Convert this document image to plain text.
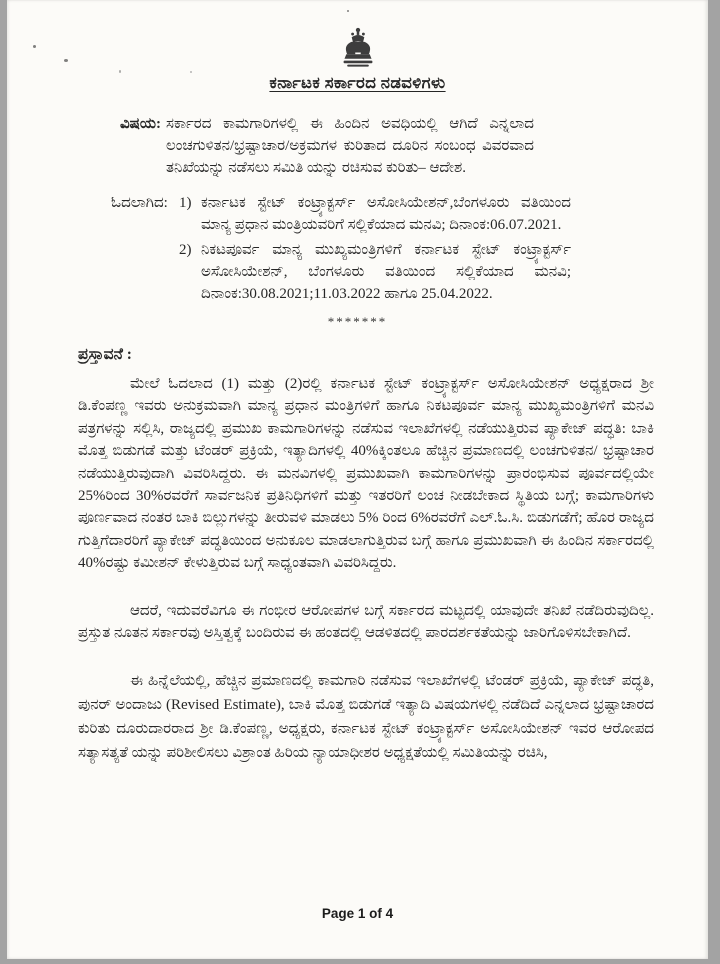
ಕರ್ನಾಟಕ ಸರ್ಕಾರದ ನಡವಳಿಗಳು
ವಿಷಯ: ಸರ್ಕಾರದ ಕಾಮಗಾರಿಗಳಲ್ಲಿ ಈ ಹಿಂದಿನ ಅವಧಿಯಲ್ಲಿ ಆಗಿದೆ ಎನ್ನಲಾದ ಲಂಚಗುಳಿತನ/ಭ್ರಷ್ಟಾಚಾರ/ಅಕ್ರಮಗಳ ಕುರಿತಾದ ದೂರಿನ ಸಂಬಂಧ ವಿವರವಾದ ತನಿಖೆಯನ್ನು ನಡೆಸಲು ಸಮಿತಿ ಯನ್ನು ರಚಿಸುವ ಕುರಿತು– ಆದೇಶ.
ಓದಲಾಗಿದ: 1) ಕರ್ನಾಟಕ ಸ್ಟೇಟ್ ಕಂಟ್ರ್ಯಾಕ್ಟರ್ಸ್ ಅಸೋಸಿಯೇಶನ್,ಬೆಂಗಳೂರು ವತಿಯಿಂದ ಮಾನ್ಯ ಪ್ರಧಾನ ಮಂತ್ರಿಯವರಿಗೆ ಸಲ್ಲಿಕೆಯಾದ ಮನವಿ; ದಿನಾಂಕ:06.07.2021.
2) ನಿಕಟಪೂರ್ವ ಮಾನ್ಯ ಮುಖ್ಯಮಂತ್ರಿಗಳಿಗೆ ಕರ್ನಾಟಕ ಸ್ಟೇಟ್ ಕಂಟ್ರ್ಯಾಕ್ಟರ್ಸ್ ಅಸೋಸಿಯೇಶನ್, ಬೆಂಗಳೂರು ವತಿಯಿಂದ ಸಲ್ಲಿಕೆಯಾದ ಮನವಿ; ದಿನಾಂಕ:30.08.2021;11.03.2022 ಹಾಗೂ 25.04.2022.
*******
ಪ್ರಸ್ತಾವನೆ :

ಮೇಲೆ ಓದಲಾದ (1) ಮತ್ತು (2)ರಲ್ಲಿ ಕರ್ನಾಟಕ ಸ್ಟೇಟ್ ಕಂಟ್ರ್ಯಾಕ್ಟರ್ಸ್ ಅಸೋಸಿಯೇಶನ್ ಅಧ್ಯಕ್ಷರಾದ ಶ್ರೀ ಡಿ.ಕೆಂಪಣ್ಣ ಇವರು ಅನುಕ್ರಮವಾಗಿ ಮಾನ್ಯ ಪ್ರಧಾನ ಮಂತ್ರಿಗಳಿಗೆ ಹಾಗೂ ನಿಕಟಪೂರ್ವ ಮಾನ್ಯ ಮುಖ್ಯಮಂತ್ರಿಗಳಿಗೆ ಮನವಿ ಪತ್ರಗಳನ್ನು ಸಲ್ಲಿಸಿ, ರಾಜ್ಯದಲ್ಲಿ ಪ್ರಮುಖ ಕಾಮಗಾರಿಗಳನ್ನು ನಡೆಸುವ ಇಲಾಖೆಗಳಲ್ಲಿ ನಡೆಯುತ್ತಿರುವ ಪ್ಯಾಕೇಜ್ ಪದ್ಧತಿ: ಬಾಕಿ ಮೊತ್ತ ಬಿಡುಗಡೆ ಮತ್ತು ಟೆಂಡರ್ ಪ್ರಕ್ರಿಯೆ, ಇತ್ಯಾದಿಗಳಲ್ಲಿ 40%ಕ್ಕಿಂತಲೂ ಹೆಚ್ಚಿನ ಪ್ರಮಾಣದಲ್ಲಿ ಲಂಚಗುಳಿತನ/ ಭ್ರಷ್ಟಾಚಾರ ನಡೆಯುತ್ತಿರುವುದಾಗಿ ವಿವರಿಸಿದ್ದರು. ಈ ಮನವಿಗಳಲ್ಲಿ ಪ್ರಮುಖವಾಗಿ ಕಾಮಗಾರಿಗಳನ್ನು ಪ್ರಾರಂಭಿಸುವ ಪೂರ್ವದಲ್ಲಿಯೇ 25%ರಿಂದ 30%ರವರೆಗೆ ಸಾರ್ವಜನಿಕ ಪ್ರತಿನಿಧಿಗಳಿಗೆ ಮತ್ತು ಇತರರಿಗೆ ಲಂಚ ನೀಡಬೇಕಾದ ಸ್ಥಿತಿಯ ಬಗ್ಗೆ; ಕಾಮಗಾರಿಗಳು ಪೂರ್ಣವಾದ ನಂತರ ಬಾಕಿ ಬಿಲ್ಲುಗಳನ್ನು ತೀರುವಳಿ ಮಾಡಲು 5% ರಿಂದ 6%ರವರೆಗೆ ಎಲ್.ಓ.ಸಿ. ಬಿಡುಗಡೆಗೆ; ಹೊರ ರಾಜ್ಯದ ಗುತ್ತಿಗೆದಾರರಿಗೆ ಪ್ಯಾಕೇಜ್ ಪದ್ಧತಿಯಿಂದ ಅನುಕೂಲ ಮಾಡಲಾಗುತ್ತಿರುವ ಬಗ್ಗೆ ಹಾಗೂ ಪ್ರಮುಖವಾಗಿ ಈ ಹಿಂದಿನ ಸರ್ಕಾರದಲ್ಲಿ 40%ರಷ್ಟು ಕಮೀಶನ್ ಕೇಳುತ್ತಿರುವ ಬಗ್ಗೆ ಸಾಧ್ಯಂತವಾಗಿ ವಿವರಿಸಿದ್ದರು.

ಆದರೆ, ಇದುವರೆವಿಗೂ ಈ ಗಂಭೀರ ಆರೋಪಗಳ ಬಗ್ಗೆ ಸರ್ಕಾರದ ಮಟ್ಟದಲ್ಲಿ ಯಾವುದೇ ತನಿಖೆ ನಡೆದಿರುವುದಿಲ್ಲ. ಪ್ರಸ್ತುತ ನೂತನ ಸರ್ಕಾರವು ಅಸ್ತಿತ್ವಕ್ಕೆ ಬಂದಿರುವ ಈ ಹಂತದಲ್ಲಿ ಆಡಳಿತದಲ್ಲಿ ಪಾರದರ್ಶಕತೆಯನ್ನು ಜಾರಿಗೊಳಿಸಬೇಕಾಗಿದೆ.

ಈ ಹಿನ್ನೆಲೆಯಲ್ಲಿ, ಹೆಚ್ಚಿನ ಪ್ರಮಾಣದಲ್ಲಿ ಕಾಮಗಾರಿ ನಡೆಸುವ ಇಲಾಖೆಗಳಲ್ಲಿ ಟೆಂಡರ್ ಪ್ರಕ್ರಿಯೆ, ಪ್ಯಾಕೇಜ್ ಪದ್ಧತಿ, ಪುನರ್ ಅಂದಾಜು (Revised Estimate), ಬಾಕಿ ಮೊತ್ತ ಬಿಡುಗಡೆ ಇತ್ಯಾದಿ ವಿಷಯಗಳಲ್ಲಿ ನಡೆದಿದೆ ಎನ್ನಲಾದ ಭ್ರಷ್ಟಾಚಾರದ ಕುರಿತು ದೂರುದಾರರಾದ ಶ್ರೀ ಡಿ.ಕೆಂಪಣ್ಣ, ಅಧ್ಯಕ್ಷರು, ಕರ್ನಾಟಕ ಸ್ಟೇಟ್ ಕಂಟ್ರ್ಯಾಕ್ಟರ್ಸ್ ಅಸೋಸಿಯೇಶನ್ ಇವರ ಆರೋಪದ ಸತ್ಯಾಸತ್ಯತೆ ಯನ್ನು ಪರಿಶೀಲಿಸಲು ವಿಶ್ರಾಂತ ಹಿರಿಯ ನ್ಯಾಯಾಧೀಶರ ಅಧ್ಯಕ್ಷತೆಯಲ್ಲಿ ಸಮಿತಿಯನ್ನು ರಚಿಸಿ,

Page 1 of 4
